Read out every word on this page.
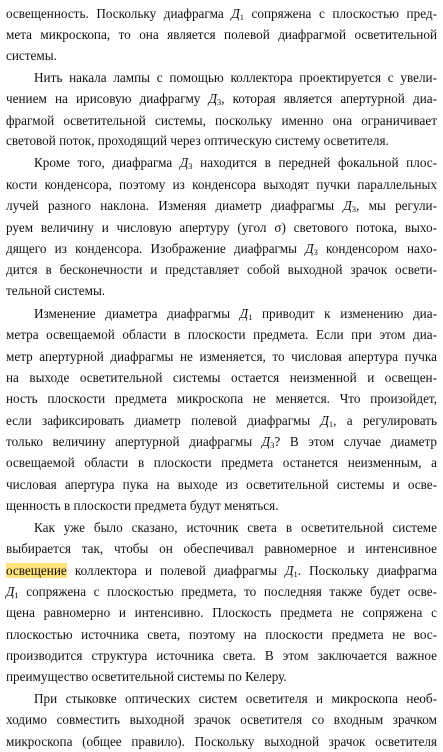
освещенность. Поскольку диафрагма $Д_1$ сопряжена с плоскостью пред-
мета микроскопа, то она является полевой диафрагмой осветительной
системы.
Нить накала лампы с помощью коллектора проектируется с увели-
чением на ирисовую диафрагму $Д_3$, которая является апертурной диа-
фрагмой осветительной системы, поскольку именно она ограничивает
световой поток, проходящий через оптическую систему осветителя.
Кроме того, диафрагма $Д_3$ находится в передней фокальной плос-
кости конденсора, поэтому из конденсора выходят пучки параллельных
лучей разного наклона. Изменяя диаметр диафрагмы $Д_3$, мы регули-
руем величину и числовую апертуру (угол σ) светового потока, выхо-
дящего из конденсора. Изображение диафрагмы $Д_3$ конденсором нахо-
дится в бесконечности и представляет собой выходной зрачок освети-
тельной системы.
Изменение диаметра диафрагмы $Д_1$ приводит к изменению диа-
метра освещаемой области в плоскости предмета. Если при этом диа-
метр апертурной диафрагмы не изменяется, то числовая апертура пучка
на выходе осветительной системы остается неизменной и освещен-
ность плоскости предмета микроскопа не меняется. Что произойдет,
если зафиксировать диаметр полевой диафрагмы $Д_1$, а регулировать
только величину апертурной диафрагмы $Д_3$? В этом случае диаметр
освещаемой области в плоскости предмета останется неизменным, а
числовая апертура пука на выходе из осветительной системы и осве-
щенность в плоскости предмета будут меняться.
Как уже было сказано, источник света в осветительной системе
выбирается так, чтобы он обеспечивал равномерное и интенсивное
освещение коллектора и полевой диафрагмы $Д_1$. Поскольку диафрагма
$Д_1$ сопряжена с плоскостью предмета, то последняя также будет осве-
щена равномерно и интенсивно. Плоскость предмета не сопряжена с
плоскостью источника света, поэтому на плоскости предмета не вос-
производится структура источника света. В этом заключается важное
преимущество осветительной системы по Келеру.
При стыковке оптических систем осветителя и микроскопа необ-
ходимо совместить выходной зрачок осветителя со входным зрачком
микроскопа (общее правило). Поскольку выходной зрачок осветителя
